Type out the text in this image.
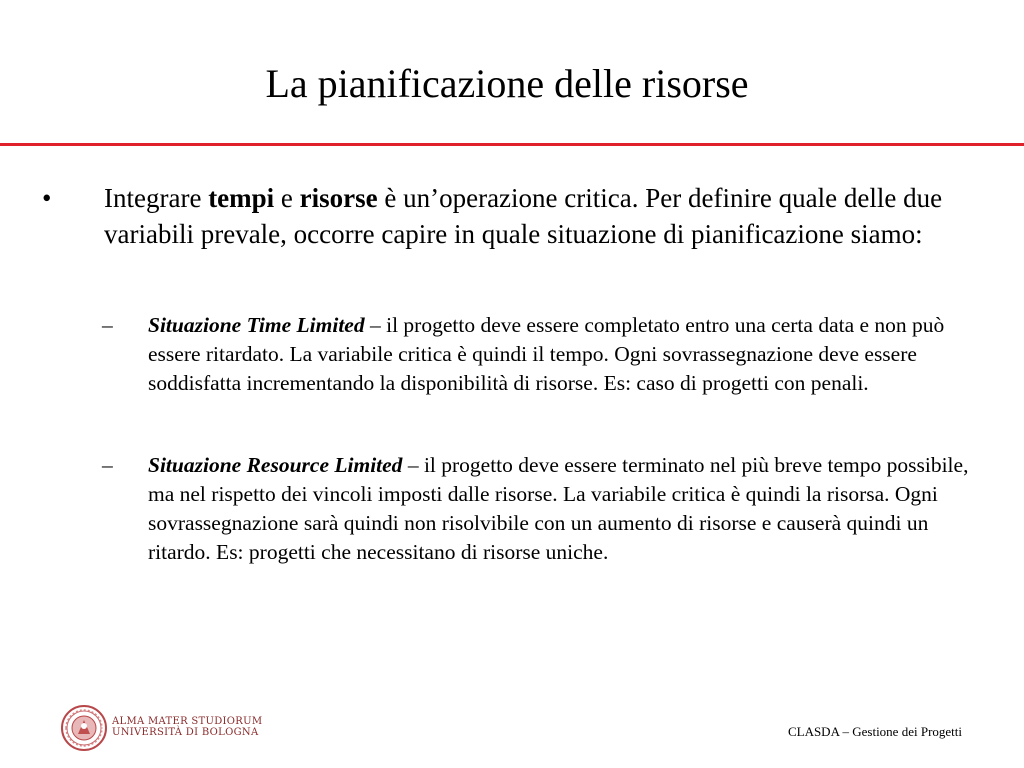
La pianificazione delle risorse
• Integrare tempi e risorse è un’operazione critica. Per definire quale delle due variabili prevale, occorre capire in quale situazione di pianificazione siamo:
– Situazione Time Limited – il progetto deve essere completato entro una certa data e non può essere ritardato. La variabile critica è quindi il tempo. Ogni sovrassegnazione deve essere soddisfatta incrementando la disponibilità di risorse. Es: caso di progetti con penali.
– Situazione Resource Limited – il progetto deve essere terminato nel più breve tempo possibile, ma nel rispetto dei vincoli imposti dalle risorse. La variabile critica è quindi la risorsa. Ogni sovrassegnazione sarà quindi non risolvibile con un aumento di risorse e causerà quindi un ritardo. Es: progetti che necessitano di risorse uniche.
ALMA MATER STUDIORUM
UNIVERSITÀ DI BOLOGNA	CLASDA – Gestione dei Progetti
